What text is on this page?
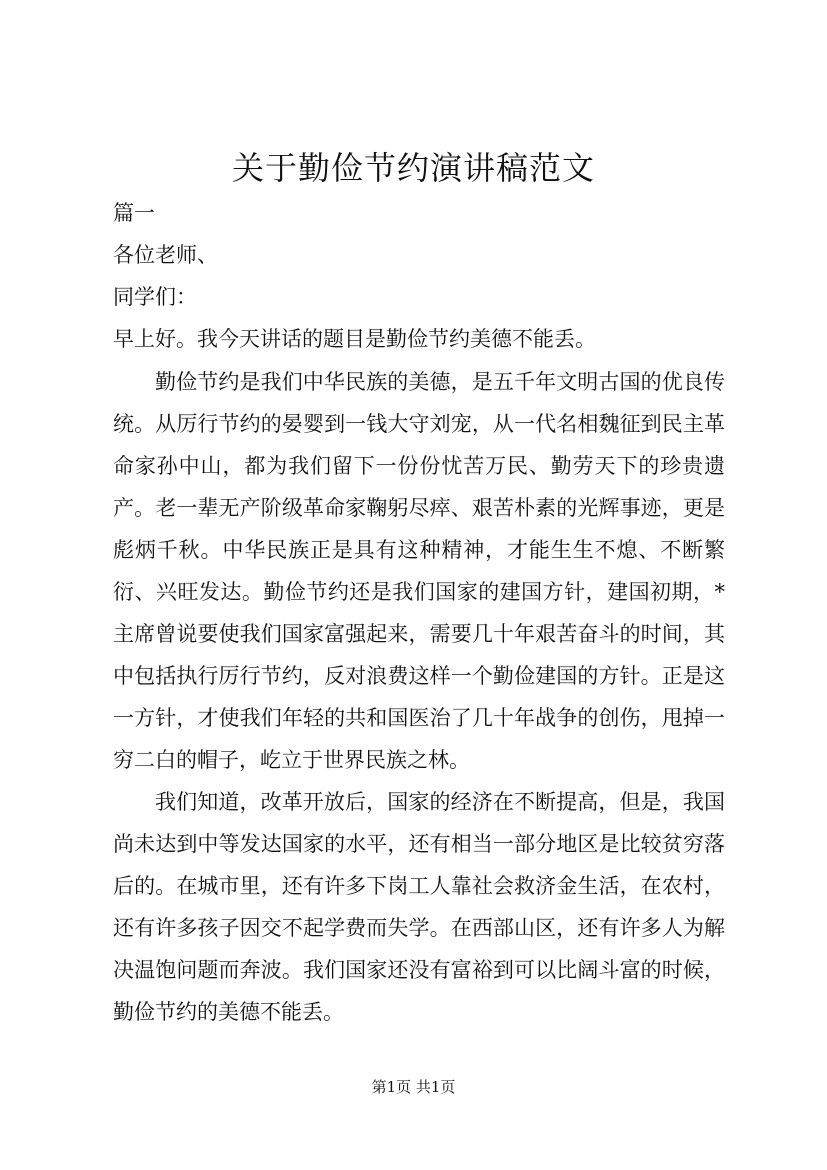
关于勤俭节约演讲稿范文
篇一
各位老师、
同学们：
早上好。我今天讲话的题目是勤俭节约美德不能丢。

勤俭节约是我们中华民族的美德，是五千年文明古国的优良传统。从厉行节约的晏婴到一钱大守刘宠，从一代名相魏征到民主革命家孙中山，都为我们留下一份份忧苦万民、勤劳天下的珍贵遗产。老一辈无产阶级革命家鞠躬尽瘁、艰苦朴素的光辉事迹，更是彪炳千秋。中华民族正是具有这种精神，才能生生不熄、不断繁衍、兴旺发达。勤俭节约还是我们国家的建国方针，建国初期，*主席曾说要使我们国家富强起来，需要几十年艰苦奋斗的时间，其中包括执行厉行节约，反对浪费这样一个勤俭建国的方针。正是这一方针，才使我们年轻的共和国医治了几十年战争的创伤，甩掉一穷二白的帽子，屹立于世界民族之林。

我们知道，改革开放后，国家的经济在不断提高，但是，我国尚未达到中等发达国家的水平，还有相当一部分地区是比较贫穷落后的。在城市里，还有许多下岗工人靠社会救济金生活，在农村，还有许多孩子因交不起学费而失学。在西部山区，还有许多人为解决温饱问题而奔波。我们国家还没有富裕到可以比阔斗富的时候，勤俭节约的美德不能丢。

第1页 共1页
